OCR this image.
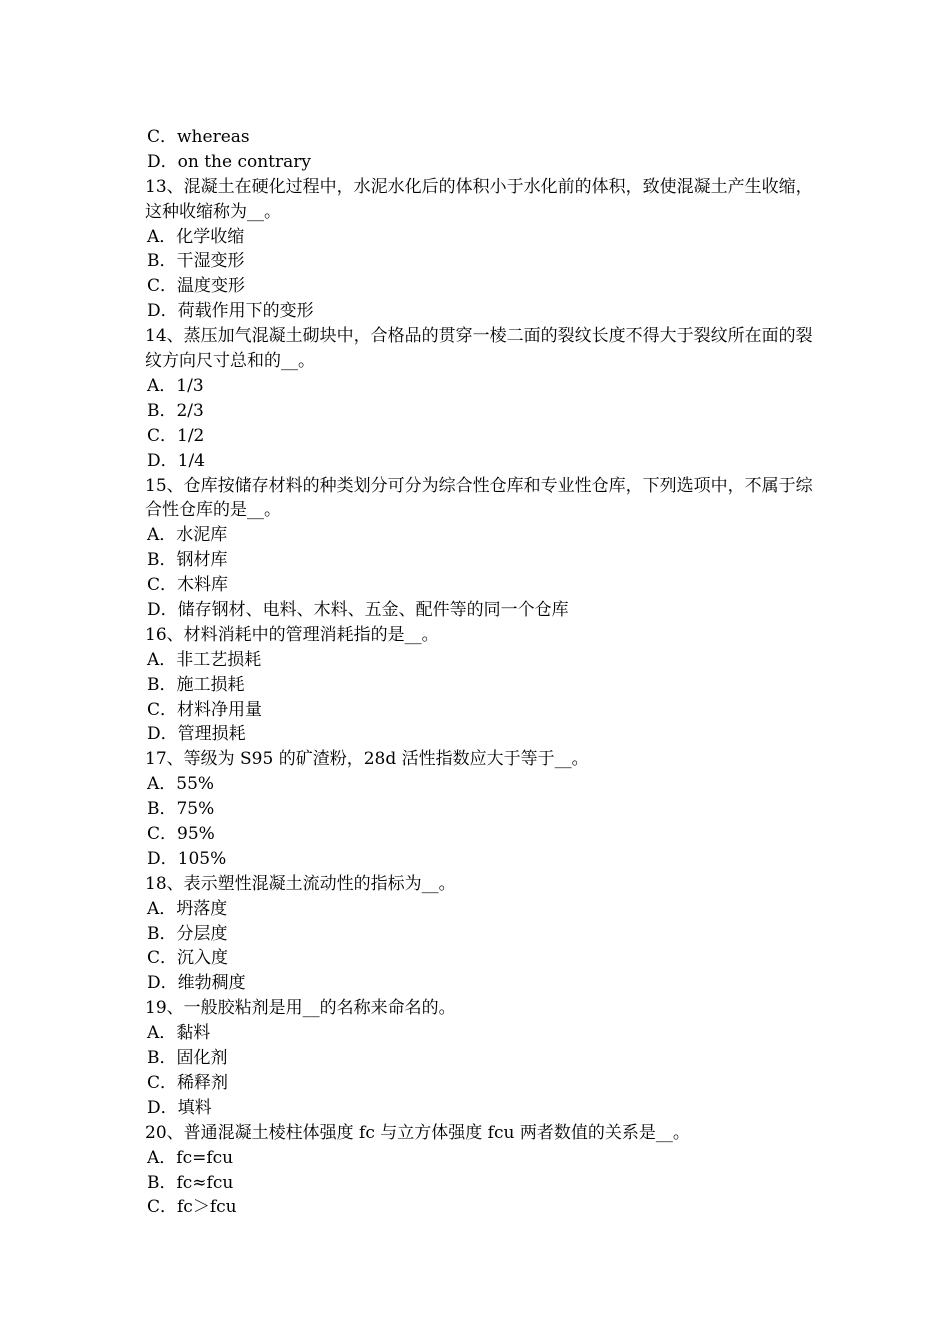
C．whereas
D．on the contrary
13、混凝土在硬化过程中，水泥水化后的体积小于水化前的体积，致使混凝土产生收缩，这种收缩称为__。
A．化学收缩
B．干湿变形
C．温度变形
D．荷载作用下的变形
14、蒸压加气混凝土砌块中，合格品的贯穿一棱二面的裂纹长度不得大于裂纹所在面的裂纹方向尺寸总和的__。
A．1/3
B．2/3
C．1/2
D．1/4
15、仓库按储存材料的种类划分可分为综合性仓库和专业性仓库，下列选项中，不属于综合性仓库的是__。
A．水泥库
B．钢材库
C．木料库
D．储存钢材、电料、木料、五金、配件等的同一个仓库
16、材料消耗中的管理消耗指的是__。
A．非工艺损耗
B．施工损耗
C．材料净用量
D．管理损耗
17、等级为 S95 的矿渣粉，28d 活性指数应大于等于__。
A．55%
B．75%
C．95%
D．105%
18、表示塑性混凝土流动性的指标为__。
A．坍落度
B．分层度
C．沉入度
D．维勃稠度
19、一般胶粘剂是用__的名称来命名的。
A．黏料
B．固化剂
C．稀释剂
D．填料
20、普通混凝土棱柱体强度 fc 与立方体强度 fcu 两者数值的关系是__。
A．fc=fcu
B．fc≈fcu
C．fc＞fcu
